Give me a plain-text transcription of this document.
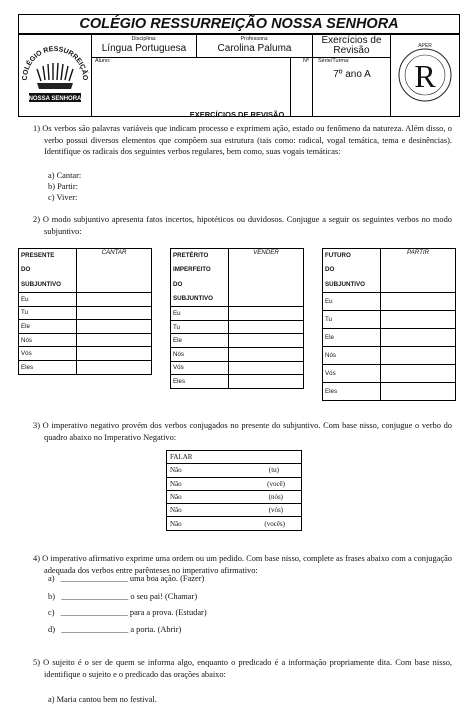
COLÉGIO RESSURREIÇÃO NOSSA SENHORA
COLÉGIO RESSURREIÇÃO
NOSSA SENHORA
Disciplina:
Língua Portuguesa
Professora:
Carolina Paluma
Exercícios de Revisão	APER
R
Aluno:	Nº Série/Turma:
7º ano A
EXERCÍCIOS DE REVISÃO
1) Os verbos são palavras variáveis que indicam processo e exprimem ação, estado ou fenômeno da natureza. Além disso, o verbo possui diversos elementos que compõem sua estrutura (tais como: radical, vogal temática, tema e desinências). Identifique os radicais dos seguintes verbos regulares, bem como, suas vogais temáticas:
a) Cantar:
b) Partir:
c) Viver:
2) O modo subjuntivo apresenta fatos incertos, hipotéticos ou duvidosos. Conjugue a seguir os seguintes verbos no modo subjuntivo:
PRESENTE
DO
SUBJUNTIVO	CANTAR
Eu	
Tu	
Ele	
Nós	
Vós	
Eles	
PRETÉRITO
IMPERFEITO
DO
SUBJUNTIVO	VENDER
Eu	
Tu	
Ele	
Nós	
Vós	
Eles	
FUTURO
DO
SUBJUNTIVO	PARTIR
Eu	
Tu	
Ele	
Nós	
Vós	
Eles	
3) O imperativo negativo provém dos verbos conjugados no presente do subjuntivo. Com base nisso, conjugue o verbo do quadro abaixo no Imperativo Negativo:
FALAR	
Não	(tu)
Não	(você)
Não	(nós)
Não	(vós)
Não	(vocês)
4) O imperativo afirmativo exprime uma ordem ou um pedido. Com base nisso, complete as frases abaixo com a conjugação adequada dos verbos entre parênteses no imperativo afirmativo:
a) ________________ uma boa ação. (Fazer)
b) ________________ o seu pai! (Chamar)
c) ________________ para a prova. (Estudar)
d) ________________ a porta. (Abrir)
5) O sujeito é o ser de quem se informa algo, enquanto o predicado é a informação propriamente dita. Com base nisso, identifique o sujeito e o predicado das orações abaixo:
a) Maria cantou bem no festival.
